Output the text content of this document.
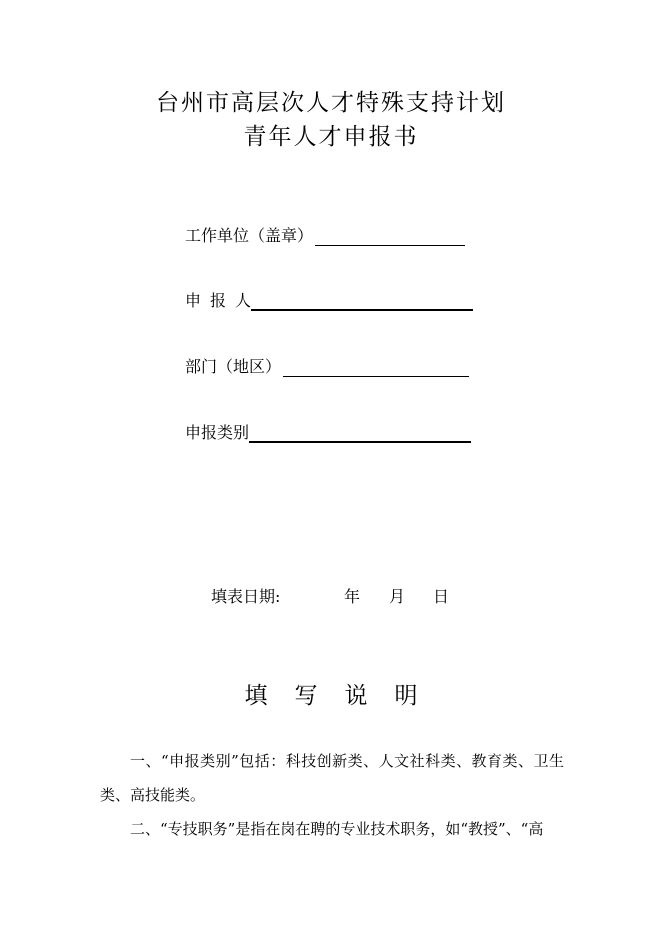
台州市高层次人才特殊支持计划
青年人才申报书
工作单位（盖章）
申报人
部门（地区）
申报类别
填表日期:	年 月 日
填写说明
一、“申报类别”包括：科技创新类、人文社科类、教育类、卫生类、高技能类。
二、“专技职务”是指在岗在聘的专业技术职务，如“教授”、“高
